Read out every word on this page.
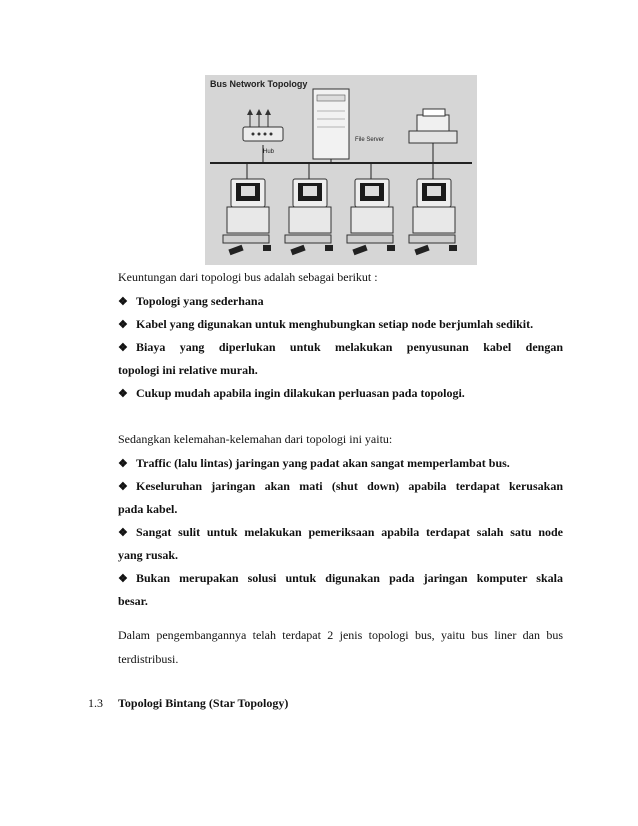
Bus Network Topology
Hub
File Server
Keuntungan dari topologi bus adalah sebagai berikut :
❖ Topologi yang sederhana
❖ Kabel yang digunakan untuk menghubungkan setiap node berjumlah sedikit.
❖ Biaya yang diperlukan untuk melakukan penyusunan kabel dengan
topologi ini relative murah.
❖ Cukup mudah apabila ingin dilakukan perluasan pada topologi.
Sedangkan kelemahan-kelemahan dari topologi ini yaitu:
❖ Traffic (lalu lintas) jaringan yang padat akan sangat memperlambat bus.
❖ Keseluruhan jaringan akan mati (shut down) apabila terdapat kerusakan
pada kabel.
❖ Sangat sulit untuk melakukan pemeriksaan apabila terdapat salah satu node
yang rusak.
❖ Bukan merupakan solusi untuk digunakan pada jaringan komputer skala
besar.
Dalam pengembangannya telah terdapat 2 jenis topologi bus, yaitu bus liner dan bus
terdistribusi.
1.3 Topologi Bintang (Star Topology)
